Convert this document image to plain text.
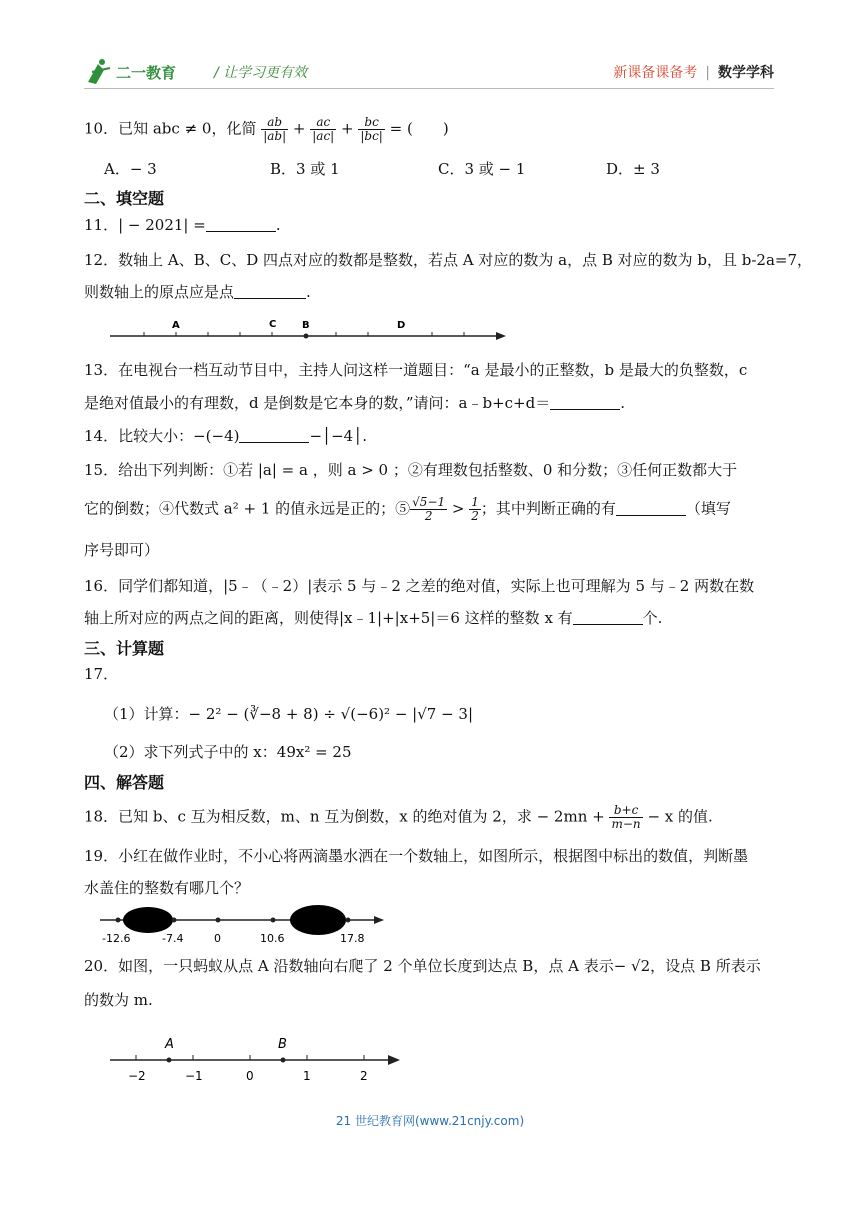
二一教育	/ 让学习更有效	新课备课备考 | 数学学科
10．已知 abc ≠ 0，化简 $\frac{ab}{|ab|} + \frac{ac}{|ac|} + \frac{bc}{|bc|}$ = (　　)
A．− 3	B．3 或 1	C．3 或 − 1	D．± 3
二、填空题
11．| − 2021| =	.
12．数轴上 A、B、C、D 四点对应的数都是整数，若点 A 对应的数为 a，点 B 对应的数为 b，且 b-2a=7，
则数轴上的原点应是点	.
A	C	B	D
13．在电视台一档互动节目中，主持人问这样一道题目：“a 是最小的正整数，b 是最大的负整数，c
是绝对值最小的有理数，d 是倒数是它本身的数，”请问：a﹣b+c+d＝	.
14．比较大小：−(−4)	−│−4│.
15．给出下列判断：①若 |a| = a ，则 a > 0 ；②有理数包括整数、0 和分数；③任何正数都大于
它的倒数；④代数式 a² + 1 的值永远是正的；⑤ $\frac{√5-1}{2} > \frac{1}{2}$ ；其中判断正确的有	（填写
序号即可）
16．同学们都知道，|5﹣（﹣2）|表示 5 与﹣2 之差的绝对值，实际上也可理解为 5 与﹣2 两数在数
轴上所对应的两点之间的距离，则使得|x﹣1|+|x+5|＝6 这样的整数 x 有	个.
三、计算题
17．
（1）计算：− 2² − (∛−8 + 8) ÷ √(−6)² − |√7 − 3|
（2）求下列式子中的 x：49x² = 25
四、解答题
18．已知 b、c 互为相反数，m、n 互为倒数，x 的绝对值为 2，求 − $2mn + \frac{b+c}{m-n} - x$ 的值.
19．小红在做作业时，不小心将两滴墨水洒在一个数轴上，如图所示，根据图中标出的数值，判断墨
水盖住的整数有哪几个？
-12.6	-7.4	0	10.6	17.8
20．如图，一只蚂蚁从点 A 沿数轴向右爬了 2 个单位长度到达点 B，点 A 表示− √2，设点 B 所表示
的数为 m.
A	B
−2	−1	0	1	2
21 世纪教育网(www.21cnjy.com)
